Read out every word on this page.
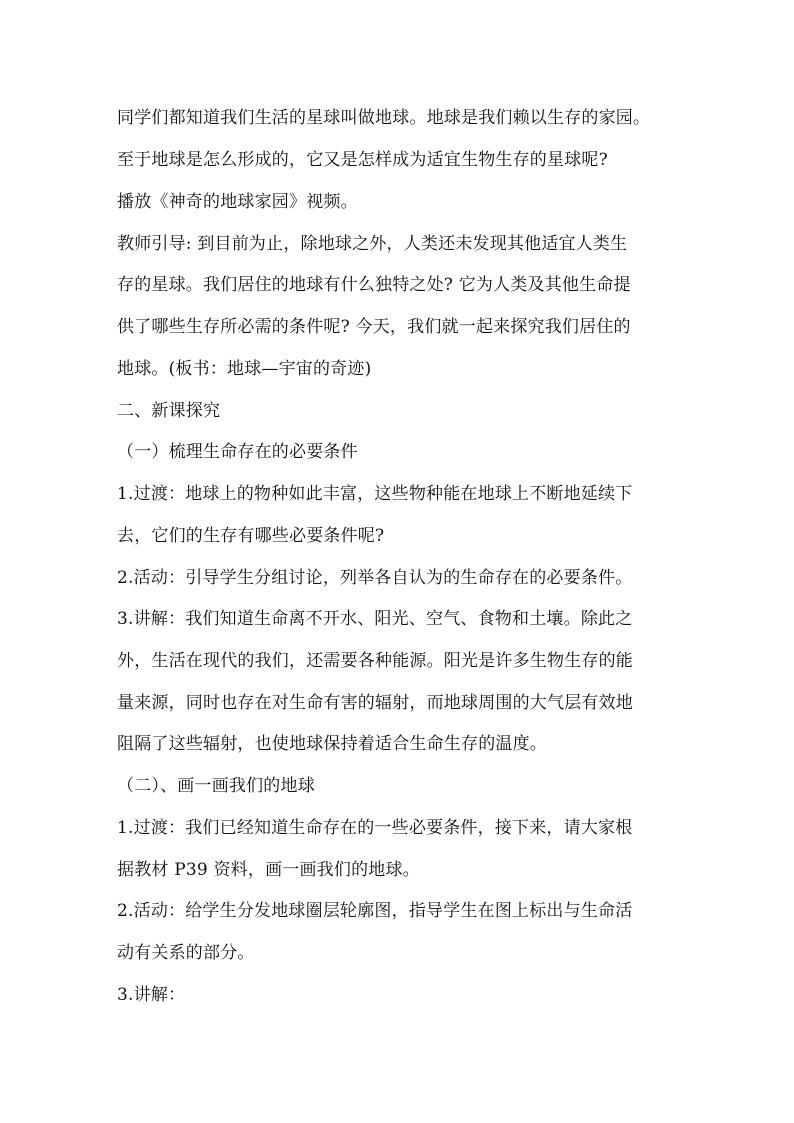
同学们都知道我们生活的星球叫做地球。地球是我们赖以生存的家园。
至于地球是怎么形成的，它又是怎样成为适宜生物生存的星球呢?
播放《神奇的地球家园》视频。
教师引导: 到目前为止，除地球之外，人类还未发现其他适宜人类生
存的星球。我们居住的地球有什么独特之处? 它为人类及其他生命提
供了哪些生存所必需的条件呢? 今天，我们就一起来探究我们居住的
地球。(板书：地球—宇宙的奇迹)
二、新课探究
（一）梳理生命存在的必要条件
1.过渡：地球上的物种如此丰富，这些物种能在地球上不断地延续下
去，它们的生存有哪些必要条件呢?
2.活动：引导学生分组讨论，列举各自认为的生命存在的必要条件。
3.讲解：我们知道生命离不开水、阳光、空气、食物和土壤。除此之
外，生活在现代的我们，还需要各种能源。阳光是许多生物生存的能
量来源，同时也存在对生命有害的辐射，而地球周围的大气层有效地
阻隔了这些辐射，也使地球保持着适合生命生存的温度。
（二）、画一画我们的地球
1.过渡：我们已经知道生命存在的一些必要条件，接下来，请大家根
据教材 P39 资料，画一画我们的地球。
2.活动：给学生分发地球圈层轮廓图，指导学生在图上标出与生命活
动有关系的部分。
3.讲解：
